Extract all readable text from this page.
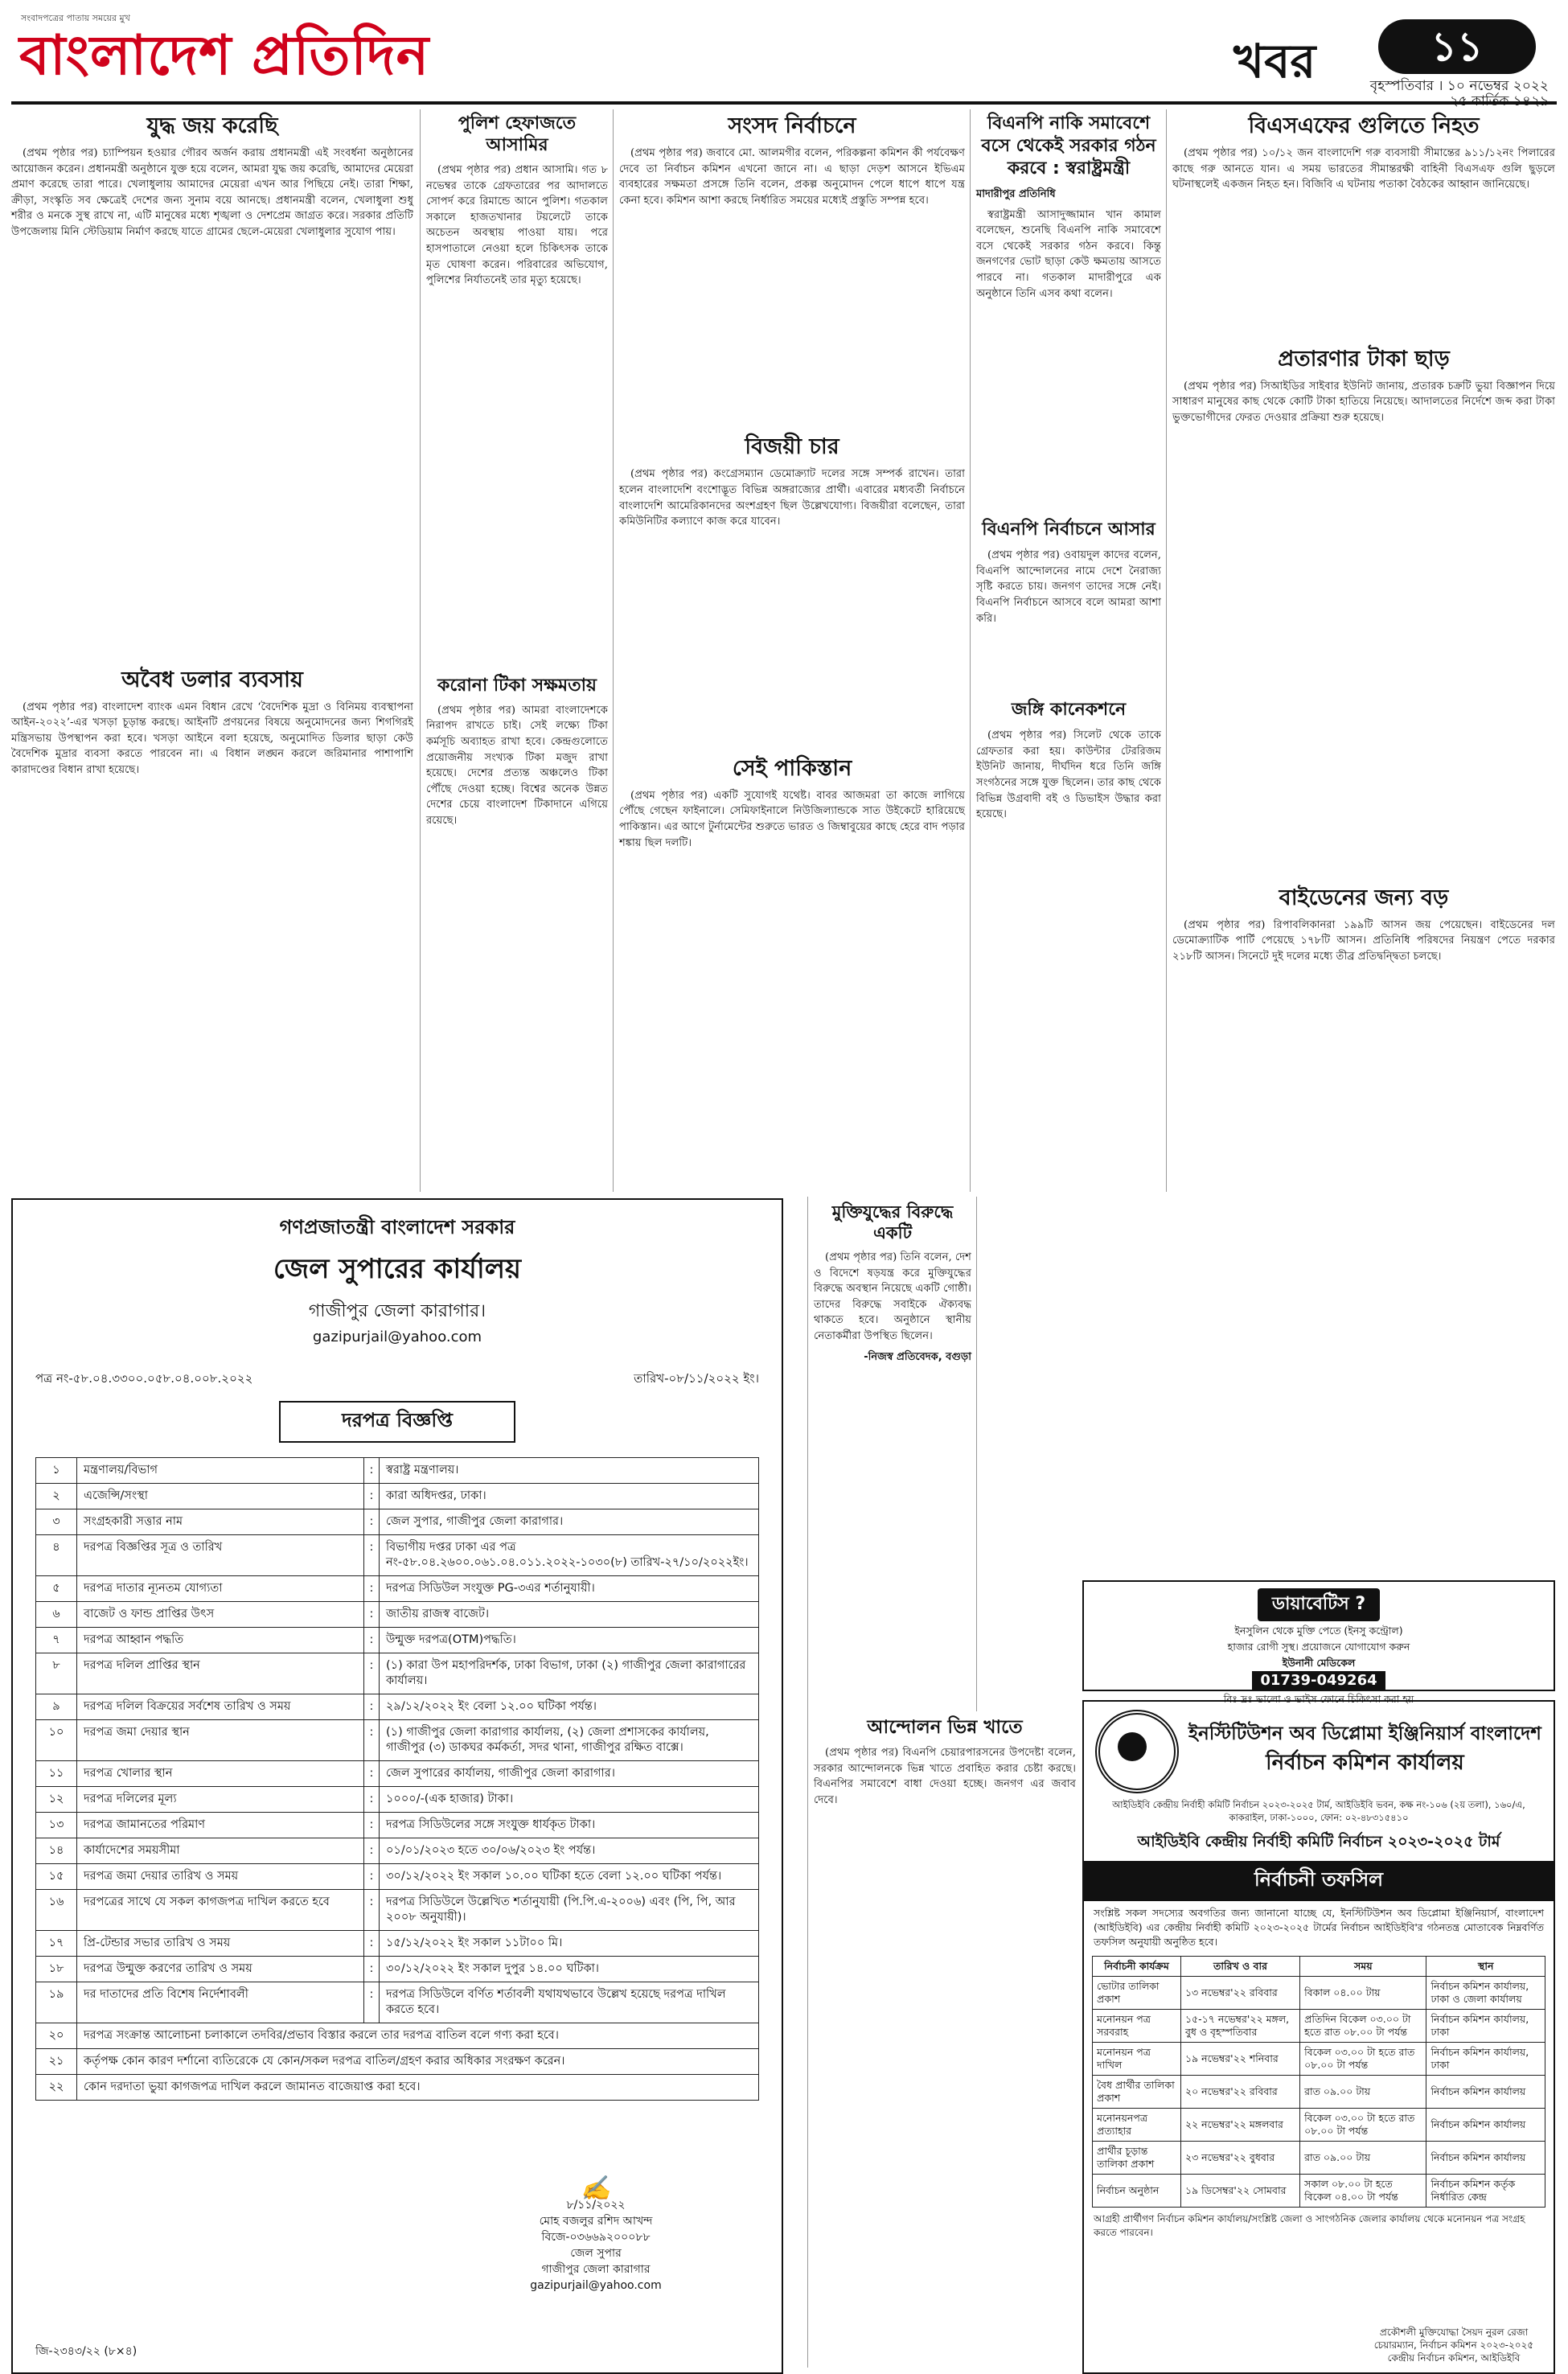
সংবাদপত্রের পাতায় সময়ের মুখ
বাংলাদেশ প্রতিদিন	খবর	১১
বৃহস্পতিবার । ১০ নভেম্বর ২০২২
২৫ কার্তিক ১৪২৯
যুদ্ধ জয় করেছি

(প্রথম পৃষ্ঠার পর) চ্যাম্পিয়ন হওয়ার গৌরব অর্জন করায় প্রধানমন্ত্রী এই সংবর্ধনা অনুষ্ঠানের আয়োজন করেন। প্রধানমন্ত্রী অনুষ্ঠানে যুক্ত হয়ে বলেন, আমরা যুদ্ধ জয় করেছি, আমাদের মেয়েরা প্রমাণ করেছে তারা পারে। খেলাধুলায় আমাদের মেয়েরা এখন আর পিছিয়ে নেই। তারা শিক্ষা, ক্রীড়া, সংস্কৃতি সব ক্ষেত্রেই দেশের জন্য সুনাম বয়ে আনছে। প্রধানমন্ত্রী বলেন, খেলাধুলা শুধু শরীর ও মনকে সুস্থ রাখে না, এটি মানুষের মধ্যে শৃঙ্খলা ও দেশপ্রেম জাগ্রত করে। সরকার প্রতিটি উপজেলায় মিনি স্টেডিয়াম নির্মাণ করছে যাতে গ্রামের ছেলে-মেয়েরা খেলাধুলার সুযোগ পায়।

অবৈধ ডলার ব্যবসায়

(প্রথম পৃষ্ঠার পর) বাংলাদেশ ব্যাংক এমন বিধান রেখে ‘বৈদেশিক মুদ্রা ও বিনিময় ব্যবস্থাপনা আইন-২০২২’-এর খসড়া চূড়ান্ত করছে। আইনটি প্রণয়নের বিষয়ে অনুমোদনের জন্য শিগগিরই মন্ত্রিসভায় উপস্থাপন করা হবে। খসড়া আইনে বলা হয়েছে, অনুমোদিত ডিলার ছাড়া কেউ বৈদেশিক মুদ্রার ব্যবসা করতে পারবেন না। এ বিধান লঙ্ঘন করলে জরিমানার পাশাপাশি কারাদণ্ডের বিধান রাখা হয়েছে।

পুলিশ হেফাজতে আসামির

(প্রথম পৃষ্ঠার পর) প্রধান আসামি। গত ৮ নভেম্বর তাকে গ্রেফতারের পর আদালতে সোপর্দ করে রিমান্ডে আনে পুলিশ। গতকাল সকালে হাজতখানার টয়লেটে তাকে অচেতন অবস্থায় পাওয়া যায়। পরে হাসপাতালে নেওয়া হলে চিকিৎসক তাকে মৃত ঘোষণা করেন। পরিবারের অভিযোগ, পুলিশের নির্যাতনেই তার মৃত্যু হয়েছে।

করোনা টিকা সক্ষমতায়

(প্রথম পৃষ্ঠার পর) আমরা বাংলাদেশকে নিরাপদ রাখতে চাই। সেই লক্ষ্যে টিকা কর্মসূচি অব্যাহত রাখা হবে। কেন্দ্রগুলোতে প্রয়োজনীয় সংখ্যক টিকা মজুদ রাখা হয়েছে। দেশের প্রত্যন্ত অঞ্চলেও টিকা পৌঁছে দেওয়া হচ্ছে। বিশ্বের অনেক উন্নত দেশের চেয়ে বাংলাদেশ টিকাদানে এগিয়ে রয়েছে।

সংসদ নির্বাচনে

(প্রথম পৃষ্ঠার পর) জবাবে মো. আলমগীর বলেন, পরিকল্পনা কমিশন কী পর্যবেক্ষণ দেবে তা নির্বাচন কমিশন এখনো জানে না। এ ছাড়া দেড়শ আসনে ইভিএম ব্যবহারের সক্ষমতা প্রসঙ্গে তিনি বলেন, প্রকল্প অনুমোদন পেলে ধাপে ধাপে যন্ত্র কেনা হবে। কমিশন আশা করছে নির্ধারিত সময়ের মধ্যেই প্রস্তুতি সম্পন্ন হবে।

বিজয়ী চার

(প্রথম পৃষ্ঠার পর) কংগ্রেসম্যান ডেমোক্র্যাট দলের সঙ্গে সম্পর্ক রাখেন। তারা হলেন বাংলাদেশি বংশোদ্ভূত বিভিন্ন অঙ্গরাজ্যের প্রার্থী। এবারের মধ্যবর্তী নির্বাচনে বাংলাদেশি আমেরিকানদের অংশগ্রহণ ছিল উল্লেখযোগ্য। বিজয়ীরা বলেছেন, তারা কমিউনিটির কল্যাণে কাজ করে যাবেন।

সেই পাকিস্তান

(প্রথম পৃষ্ঠার পর) একটি সুযোগই যথেষ্ট। বাবর আজমরা তা কাজে লাগিয়ে পৌঁছে গেছেন ফাইনালে। সেমিফাইনালে নিউজিল্যান্ডকে সাত উইকেটে হারিয়েছে পাকিস্তান। এর আগে টুর্নামেন্টের শুরুতে ভারত ও জিম্বাবুয়ের কাছে হেরে বাদ পড়ার শঙ্কায় ছিল দলটি।

বিএনপি নাকি সমাবেশে বসে থেকেই সরকার গঠন করবে : স্বরাষ্ট্রমন্ত্রী
মাদারীপুর প্রতিনিধি

স্বরাষ্ট্রমন্ত্রী আসাদুজ্জামান খান কামাল বলেছেন, শুনেছি বিএনপি নাকি সমাবেশে বসে থেকেই সরকার গঠন করবে। কিন্তু জনগণের ভোট ছাড়া কেউ ক্ষমতায় আসতে পারবে না। গতকাল মাদারীপুরে এক অনুষ্ঠানে তিনি এসব কথা বলেন।

বিএনপি নির্বাচনে আসার

(প্রথম পৃষ্ঠার পর) ওবায়দুল কাদের বলেন, বিএনপি আন্দোলনের নামে দেশে নৈরাজ্য সৃষ্টি করতে চায়। জনগণ তাদের সঙ্গে নেই। বিএনপি নির্বাচনে আসবে বলে আমরা আশা করি।

জঙ্গি কানেকশনে

(প্রথম পৃষ্ঠার পর) সিলেট থেকে তাকে গ্রেফতার করা হয়। কাউন্টার টেররিজম ইউনিট জানায়, দীর্ঘদিন ধরে তিনি জঙ্গি সংগঠনের সঙ্গে যুক্ত ছিলেন। তার কাছ থেকে বিভিন্ন উগ্রবাদী বই ও ডিভাইস উদ্ধার করা হয়েছে।

বিএসএফের গুলিতে নিহত

(প্রথম পৃষ্ঠার পর) ১০/১২ জন বাংলাদেশি গরু ব্যবসায়ী সীমান্তের ৯১১/১২নং পিলারের কাছে গরু আনতে যান। এ সময় ভারতের সীমান্তরক্ষী বাহিনী বিএসএফ গুলি ছুড়লে ঘটনাস্থলেই একজন নিহত হন। বিজিবি এ ঘটনায় পতাকা বৈঠকের আহ্বান জানিয়েছে।

প্রতারণার টাকা ছাড়

(প্রথম পৃষ্ঠার পর) সিআইডির সাইবার ইউনিট জানায়, প্রতারক চক্রটি ভুয়া বিজ্ঞাপন দিয়ে সাধারণ মানুষের কাছ থেকে কোটি টাকা হাতিয়ে নিয়েছে। আদালতের নির্দেশে জব্দ করা টাকা ভুক্তভোগীদের ফেরত দেওয়ার প্রক্রিয়া শুরু হয়েছে।

বাইডেনের জন্য বড়

(প্রথম পৃষ্ঠার পর) রিপাবলিকানরা ১৯৯টি আসন জয় পেয়েছেন। বাইডেনের দল ডেমোক্র্যাটিক পার্টি পেয়েছে ১৭৮টি আসন। প্রতিনিধি পরিষদের নিয়ন্ত্রণ পেতে দরকার ২১৮টি আসন। সিনেটে দুই দলের মধ্যে তীব্র প্রতিদ্বন্দ্বিতা চলছে।

মুক্তিযুদ্ধের বিরুদ্ধে একটি

(প্রথম পৃষ্ঠার পর) তিনি বলেন, দেশ ও বিদেশে ষড়যন্ত্র করে মুক্তিযুদ্ধের বিরুদ্ধে অবস্থান নিয়েছে একটি গোষ্ঠী। তাদের বিরুদ্ধে সবাইকে ঐক্যবদ্ধ থাকতে হবে। অনুষ্ঠানে স্থানীয় নেতাকর্মীরা উপস্থিত ছিলেন।

-নিজস্ব প্রতিবেদক, বগুড়া
আন্দোলন ভিন্ন খাতে

(প্রথম পৃষ্ঠার পর) বিএনপি চেয়ারপারসনের উপদেষ্টা বলেন, সরকার আন্দোলনকে ভিন্ন খাতে প্রবাহিত করার চেষ্টা করছে। বিএনপির সমাবেশে বাধা দেওয়া হচ্ছে। জনগণ এর জবাব দেবে।

গণপ্রজাতন্ত্রী বাংলাদেশ সরকার
জেল সুপারের কার্যালয়
গাজীপুর জেলা কারাগার।
gazipurjail@yahoo.com
পত্র নং-৫৮.০৪.৩৩০০.০৫৮.০৪.০০৮.২০২২	তারিখ-০৮/১১/২০২২ ইং।
দরপত্র বিজ্ঞপ্তি
১	মন্ত্রণালয়/বিভাগ	:	স্বরাষ্ট্র মন্ত্রণালয়।
২	এজেন্সি/সংস্থা	:	কারা অধিদপ্তর, ঢাকা।
৩	সংগ্রহকারী সত্তার নাম	:	জেল সুপার, গাজীপুর জেলা কারাগার।
৪	দরপত্র বিজ্ঞপ্তির সূত্র ও তারিখ	:	বিভাগীয় দপ্তর ঢাকা এর পত্র নং-৫৮.০৪.২৬০০.০৬১.০৪.০১১.২০২২-১০৩০(৮) তারিখ-২৭/১০/২০২২ইং।
৫	দরপত্র দাতার ন্যূনতম যোগ্যতা	:	দরপত্র সিডিউল সংযুক্ত PG-৩এর শর্তানুযায়ী।
৬	বাজেট ও ফান্ড প্রাপ্তির উৎস	:	জাতীয় রাজস্ব বাজেট।
৭	দরপত্র আহ্বান পদ্ধতি	:	উন্মুক্ত দরপত্র(OTM)পদ্ধতি।
৮	দরপত্র দলিল প্রাপ্তির স্থান	:	(১) কারা উপ মহাপরিদর্শক, ঢাকা বিভাগ, ঢাকা (২) গাজীপুর জেলা কারাগারের কার্যালয়।
৯	দরপত্র দলিল বিক্রয়ের সর্বশেষ তারিখ ও সময়	:	২৯/১২/২০২২ ইং বেলা ১২.০০ ঘটিকা পর্যন্ত।
১০	দরপত্র জমা দেয়ার স্থান	:	(১) গাজীপুর জেলা কারাগার কার্যালয়, (২) জেলা প্রশাসকের কার্যালয়, গাজীপুর (৩) ডাকঘর কর্মকর্তা, সদর থানা, গাজীপুর রক্ষিত বাক্সে।
১১	দরপত্র খোলার স্থান	:	জেল সুপারের কার্যালয়, গাজীপুর জেলা কারাগার।
১২	দরপত্র দলিলের মূল্য	:	১০০০/-(এক হাজার) টাকা।
১৩	দরপত্র জামানতের পরিমাণ	:	দরপত্র সিডিউলের সঙ্গে সংযুক্ত ধার্যকৃত টাকা।
১৪	কার্যাদেশের সময়সীমা	:	০১/০১/২০২৩ হতে ৩০/০৬/২০২৩ ইং পর্যন্ত।
১৫	দরপত্র জমা দেয়ার তারিখ ও সময়	:	৩০/১২/২০২২ ইং সকাল ১০.০০ ঘটিকা হতে বেলা ১২.০০ ঘটিকা পর্যন্ত।
১৬	দরপত্রের সাথে যে সকল কাগজপত্র দাখিল করতে হবে	:	দরপত্র সিডিউলে উল্লেখিত শর্তানুযায়ী (পি.পি.এ-২০০৬) এবং (পি, পি, আর ২০০৮ অনুযায়ী)।
১৭	প্রি-টেন্ডার সভার তারিখ ও সময়	:	১৫/১২/২০২২ ইং সকাল ১১টা০০ মি।
১৮	দরপত্র উন্মুক্ত করণের তারিখ ও সময়	:	৩০/১২/২০২২ ইং সকাল দুপুর ১৪.০০ ঘটিকা।
১৯	দর দাতাদের প্রতি বিশেষ নির্দেশাবলী	:	দরপত্র সিডিউলে বর্ণিত শর্তাবলী যথাযথভাবে উল্লেখ হয়েছে দরপত্র দাখিল করতে হবে।
২০	দরপত্র সংক্রান্ত আলোচনা চলাকালে তদবির/প্রভাব বিস্তার করলে তার দরপত্র বাতিল বলে গণ্য করা হবে।		
২১	কর্তৃপক্ষ কোন কারণ দর্শানো ব্যতিরেকে যে কোন/সকল দরপত্র বাতিল/গ্রহণ করার অধিকার সংরক্ষণ করেন।		
২২	কোন দরদাতা ভুয়া কাগজপত্র দাখিল করলে জামানত বাজেয়াপ্ত করা হবে।		
✍
৮/১১/২০২২
মোহ বজলুর রশিদ আখন্দ
বিজে-০৩৬৬৯২০০০৮৮
জেল সুপার
গাজীপুর জেলা কারাগার
gazipurjail@yahoo.com
জি-২৩৪৩/২২ (৮×৪)
ডায়াবেটিস ?
ইনসুলিন থেকে মুক্তি পেতে (ইনসু কন্ট্রোল)
হাজার রোগী সুস্থ। প্রয়োজনে যোগাযোগ করুন
ইউনানী মেডিকেল
01739-049264
বিঃ দ্রঃ ভালো ও ভাইস ফোনে চিকিৎসা করা হয়
ইনস্টিটিউশন অব ডিপ্লোমা ইঞ্জিনিয়ার্স বাংলাদেশ
নির্বাচন কমিশন কার্যালয়
আইডিইবি কেন্দ্রীয় নির্বাহী কমিটি নির্বাচন ২০২৩-২০২৫ টার্ম, আইডিইবি ভবন, কক্ষ নং-১০৬ (২য় তলা), ১৬০/এ, কাকরাইল, ঢাকা-১০০০, ফোন: ০২-৪৮৩১৫৪১০
আইডিইবি কেন্দ্রীয় নির্বাহী কমিটি নির্বাচন ২০২৩-২০২৫ টার্ম
নির্বাচনী তফসিল
সংশ্লিষ্ট সকল সদস্যের অবগতির জন্য জানানো যাচ্ছে যে, ইনস্টিটিউশন অব ডিপ্লোমা ইঞ্জিনিয়ার্স, বাংলাদেশ (আইডিইবি) এর কেন্দ্রীয় নির্বাহী কমিটি ২০২৩-২০২৫ টার্মের নির্বাচন আইডিইবি'র গঠনতন্ত্র মোতাবেক নিম্নবর্ণিত তফসিল অনুযায়ী অনুষ্ঠিত হবে।
নির্বাচনী কার্যক্রম	তারিখ ও বার	সময়	স্থান
ভোটার তালিকা প্রকাশ	১৩ নভেম্বর'২২ রবিবার	বিকাল ০৪.০০ টায়	নির্বাচন কমিশন কার্যালয়, ঢাকা ও জেলা কার্যালয়
মনোনয়ন পত্র সরবরাহ	১৫-১৭ নভেম্বর'২২ মঙ্গল, বুধ ও বৃহস্পতিবার	প্রতিদিন বিকেল ০৩.০০ টা হতে রাত ০৮.০০ টা পর্যন্ত	নির্বাচন কমিশন কার্যালয়, ঢাকা
মনোনয়ন পত্র দাখিল	১৯ নভেম্বর'২২ শনিবার	বিকেল ০৩.০০ টা হতে রাত ০৮.০০ টা পর্যন্ত	নির্বাচন কমিশন কার্যালয়, ঢাকা
বৈধ প্রার্থীর তালিকা প্রকাশ	২০ নভেম্বর'২২ রবিবার	রাত ০৯.০০ টায়	নির্বাচন কমিশন কার্যালয়
মনোনয়নপত্র প্রত্যাহার	২২ নভেম্বর'২২ মঙ্গলবার	বিকেল ০৩.০০ টা হতে রাত ০৮.০০ টা পর্যন্ত	নির্বাচন কমিশন কার্যালয়
প্রার্থীর চূড়ান্ত তালিকা প্রকাশ	২৩ নভেম্বর'২২ বুধবার	রাত ০৯.০০ টায়	নির্বাচন কমিশন কার্যালয়
নির্বাচন অনুষ্ঠান	১৯ ডিসেম্বর'২২ সোমবার	সকাল ০৮.০০ টা হতে বিকেল ০৪.০০ টা পর্যন্ত	নির্বাচন কমিশন কর্তৃক নির্ধারিত কেন্দ্র
আগ্রহী প্রার্থীগণ নির্বাচন কমিশন কার্যালয়/সংশ্লিষ্ট জেলা ও সাংগঠনিক জেলার কার্যালয় থেকে মনোনয়ন পত্র সংগ্রহ করতে পারবেন।
প্রকৌশলী মুক্তিযোদ্ধা সৈয়দ নুরল রেজা
চেয়ারম্যান, নির্বাচন কমিশন ২০২৩-২০২৫
কেন্দ্রীয় নির্বাচন কমিশন, আইডিইবি
